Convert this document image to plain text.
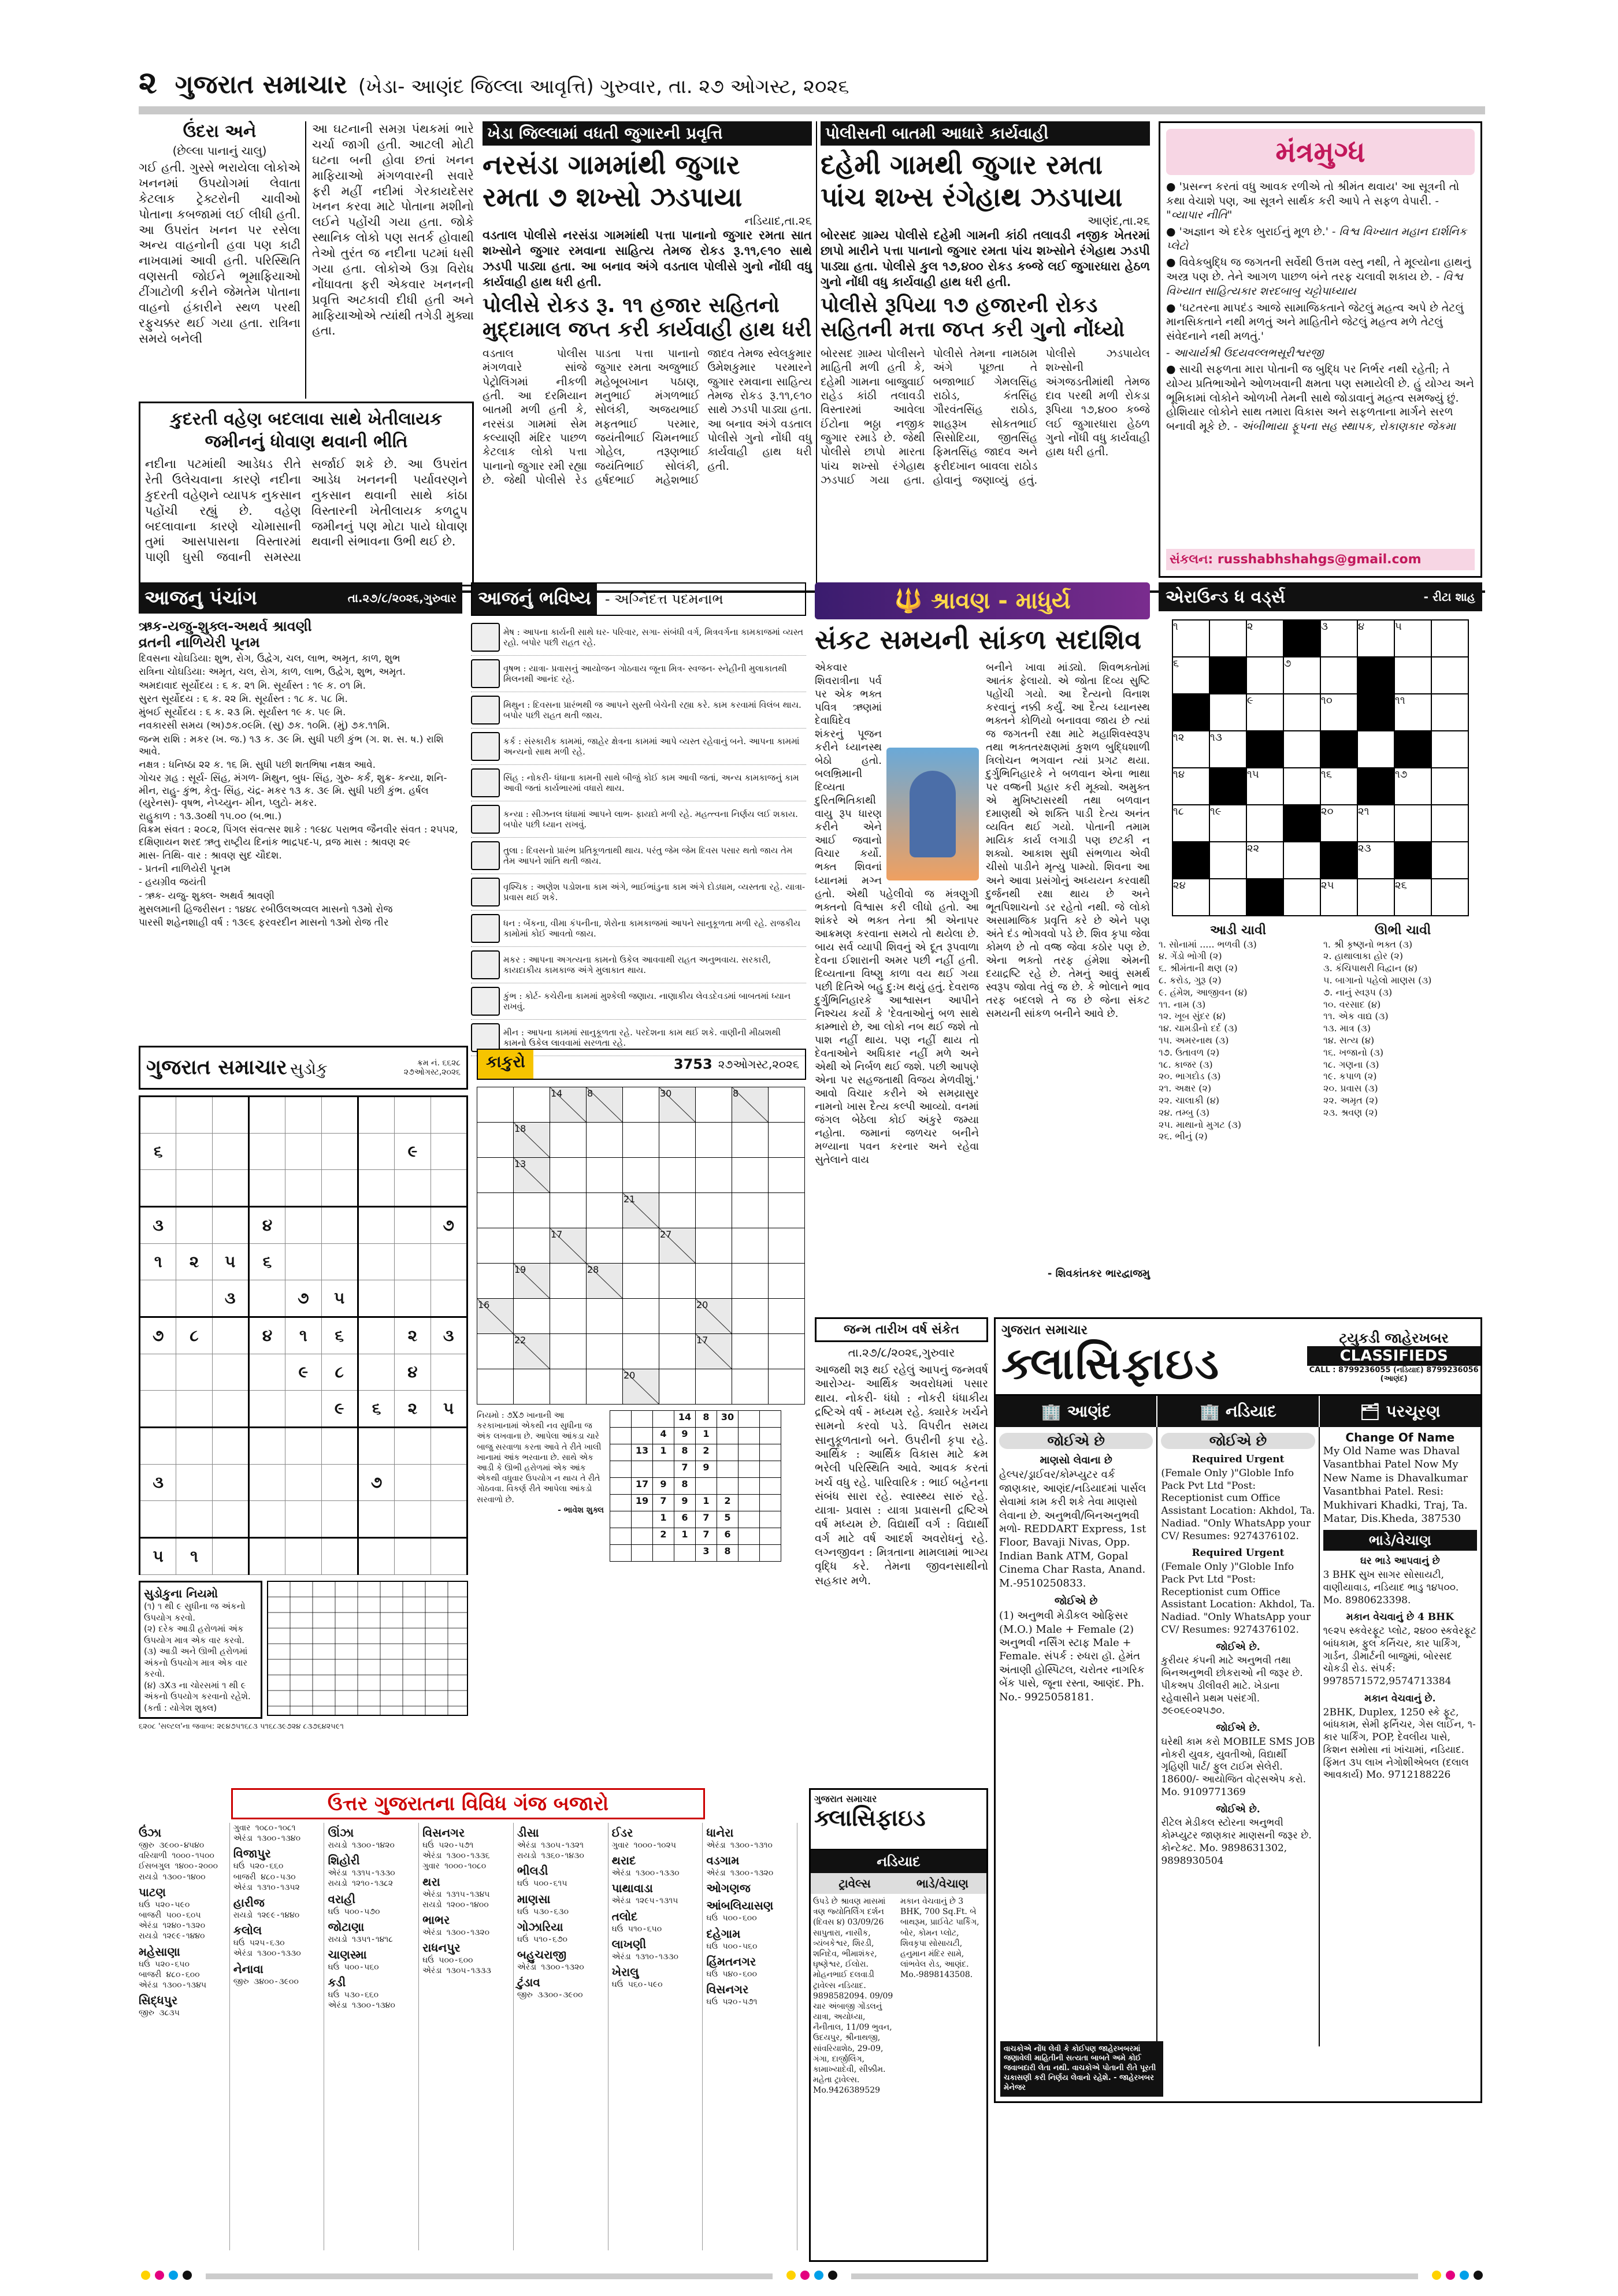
૨ ગુજરાત સમાચાર (ખેડા- આણંદ જિલ્લા આવૃત્તિ) ગુરુવાર, તા. ૨૭ ઓગસ્ટ, ૨૦૨૬
ઉંદરા અને
(છેલ્લા પાનાનું ચાલુ)
ગઈ હતી. ગુસ્સે ભરાયેલા લોકોએ ખનનમાં ઉપયોગમાં લેવાતા કેટલાક ટ્રેક્ટરોની ચાવીઓ પોતાના કબજામાં લઈ લીધી હતી. આ ઉપરાંત ખનન પર રસેલા અન્ય વાહનોની હવા પણ કાઢી નાખવામાં આવી હતી. પરિસ્થિતિ વણસતી જોઈને ભૂમાફિયાઓ ટીંગાટોળી કરીને જેમતેમ પોતાના વાહનો હંકારીને સ્થળ પરથી રફુચક્કર થઈ ગયા હતા. રાત્રિના સમયે બનેલી
આ ઘટનાની સમગ્ર પંથકમાં ભારે ચર્ચા જાગી હતી. આટલી મોટી ઘટના બની હોવા છતાં ખનન માફિયાઓ મંગળવારની સવારે ફરી મહીં નદીમાં ગેરકાયદેસર ખનન કરવા માટે પોતાના મશીનો લઈને પહોંચી ગયા હતા. જોકે સ્થાનિક લોકો પણ સતર્ક હોવાથી તેઓ તુરંત જ નદીના પટમાં ધસી ગયા હતા. લોકોએ ઉગ્ર વિરોધ નોંધાવતા ફરી એકવાર ખનનની પ્રવૃત્તિ અટકાવી દીધી હતી અને માફિયાઓએ ત્યાંથી તગેડી મુક્યા હતા.
કુદરતી વહેણ બદલાવા સાથે ખેતીલાયક જમીનનું ધોવાણ થવાની ભીતિ
નદીના પટમાંથી આડેધડ રીતે રેતી ઉલેચવાના કારણે નદીના કુદરતી વહેણને વ્યાપક નુકસાન પહોંચી રહ્યું છે. વહેણ બદલાવાના કારણે ચોમાસાની તુમાં આસપાસના વિસ્તારમાં પાણી ઘુસી જવાની સમસ્યા સર્જાઈ શકે છે. આ ઉપરાંત આડેધ ખનનની પર્યાવરણને નુકસાન થવાની સાથે કાંઠા વિસ્તારની ખેતીલાયક કળદ્રુપ જમીનનું પણ મોટા પાયે ધોવાણ થવાની સંભાવના ઉભી થઈ છે.
ખેડા જિલ્લામાં વધતી જુગારની પ્રવૃત્તિ
નરસંડા ગામમાંથી જુગાર
રમતા ૭ શખ્સો ઝડપાયા
નડિયાદ,તા.૨૬
વડતાલ પોલીસે નરસંડા ગામમાંથી પત્તા પાનાનો જુગાર રમતા સાત શખ્સોને જુગાર રમવાના સાહિત્ય તેમજ રોકડ રૂ.૧૧,૯૧૦ સાથે ઝડપી પાડ્યા હતા. આ બનાવ અંગે વડતાલ પોલીસે ગુનો નોંધી વધુ કાર્યવાહી હાથ ધરી હતી.
પોલીસે રોકડ રૂ. ૧૧ હજાર સહિતનો
મુદ્દામાલ જપ્ત કરી કાર્યવાહી હાથ ધરી
વડતાલ પોલીસ મંગળવારે સાંજે પેટ્રોલિંગમાં નીકળી હતી. આ દરમિયાન બાતમી મળી હતી કે, નરસંડા ગામમાં સેમ કલ્યાણી મંદિર પાછળ કેટલાક લોકો પત્તા પાનાનો જુગાર રમી રહ્યા છે. જેથી પોલીસે રેડ પાડતા પત્તા પાનાનો જુગાર રમતા અજુભાઈ મહેબૂબખાન પઠાણ, મનુભાઈ મંગળભાઈ સોલંકી, અજયભાઈ મફતભાઈ પરમાર, જયંતીભાઈ ચિમનભાઈ ગોહેલ, તરૂણભાઈ જયંતિભાઈ સોલંકી, હર્ષદભાઈ મહેશભાઈ જાદવ તેમજ સ્વેલકુમાર ઉમેશકુમાર પરમારને જુગાર રમવાના સાહિત્ય તેમજ રોકડ રૂ.૧૧,૯૧૦ સાથે ઝડપી પાડ્યા હતા. આ બનાવ અંગે વડતાલ પોલીસે ગુનો નોંધી વધુ કાર્યવાહી હાથ ધરી હતી.
પોલીસની બાતમી આધારે કાર્યવાહી
દહેમી ગામથી જુગાર રમતા
પાંચ શખ્સ રંગેહાથ ઝડપાયા
આણંદ,તા.૨૬
બોરસદ ગ્રામ્ય પોલીસે દહેમી ગામની કાંઠી તલાવડી નજીક ખેતરમાં છાપો મારીને પત્તા પાનાનો જુગાર રમતા પાંચ શખ્સોને રંગેહાથ ઝડપી પાડ્યા હતા. પોલીસે કુલ ૧૭,૪૦૦ રોકડ કબ્જે લઈ જુગારધારા હેઠળ ગુનો નોંધી વધુ કાર્યવાહી હાથ ધરી હતી.
પોલીસે રૂપિયા ૧૭ હજારની રોકડ
સહિતની મત્તા જપ્ત કરી ગુનો નોંધ્યો
બોરસદ ગ્રામ્ય પોલીસને માહિતી મળી હતી કે, દહેમી ગામના બાજુવાઈ રાહેડ કાંઠી તલાવડી વિસ્તારમાં આવેલા ઈંટોના ભઠ્ઠા નજીક જુગાર રમાડે છે. જેથી પોલીસે છાપો મારતા પાંચ શખ્સો રંગેહાથ ઝડપાઈ ગયા હતા. પોલીસે તેમના નામઠામ અંગે પૂછતા તે બજાભાઈ ગેમલસિંહ રાઠોડ, કંતસિંહ ગૌરવંતસિંહ રાઠોડ, શાહરૂખ સોકતભાઈ સિસોદિયા, જીતસિંહ ફિમતસિંહ જાદવ અને ફરીદખાન બાવલા રાઠોડ હોવાનું જણાવ્યું હતું. પોલીસે ઝડપાયેલ શખ્સોની અંગજડતીમાંથી તેમજ દાવ પરથી મળી રોકડા રૂપિયા ૧૭,૪૦૦ કબ્જે લઈ જુગારધારા હેઠળ ગુનો નોંધી વધુ કાર્યવાહી હાથ ધરી હતી.
મંત્રમુગ્ધ

● 'પ્રસન્ન કરતાં વધુ આવક રળીએ તો શ્રીમંત થવાય' આ સૂત્રની તો કથા વેચાશે પણ, આ સૂત્રને સાર્થક કરી આપે તે સફળ વેપારી. - "વ્યાપાર નીતિ"

● 'અજ્ઞાન એ દરેક બુરાઈનું મૂળ છે.' - વિશ્વ વિખ્યાત મહાન દાર્શનિક પ્લેટો

● વિવેકબુદ્ધિ જ જગતની સર્વેથી ઉત્તમ વસ્તુ નથી, તે મૂલ્યોના હાથનું અસ્ત્ર પણ છે. તેને આગળ પાછળ બંને તરફ ચલાવી શકાય છે. - વિશ્વ વિખ્યાત સાહિત્યકાર શરદબાબુ ચટ્ટોપાધ્યાય

● 'ઘટતરના માપદંડ આજે સામાજિકતાને જેટલું મહત્વ અપે છે તેટલું માનસિકતાને નથી મળતું અને માહિતીને જેટલું મહત્વ મળે તેટલું સંવેદનાને નથી મળતું.'

- આચાર્યશ્રી ઉદયવલ્લભસૂરીશ્વરજી

● સાચી સફળતા મારા પોતાની જ બુદ્ધિ પર નિર્ભર નથી રહેતી; તે યોગ્ય પ્રતિભાઓને ઓળખવાની ક્ષમતા પણ સમાયેલી છે. હું યોગ્ય અને ભૂમિકામાં લોકોને ઓળખી તેમની સાથે જોડાવાનું મહત્વ સમજ્યું છું. હોશિયાર લોકોને સાથ તમારા વિકાસ અને સફળતાના માર્ગને સરળ બનાવી મૂકે છે. - અંબીભાયા ફૂપના સહ સ્થાપક, રોકાણકાર જેકમા

સંકલન: russhabhshahgs@gmail.com
આજનુ પંચાંગ	તા.૨૭/૮/૨૦૨૬,ગુરુવાર
ઋક-યજુ-શુક્લ-અથર્વ શ્રાવણી
વ્રતની નાળિયેરી પૂનમ
દિવસના ચોઘડિયા: શુભ, રોગ, ઉદ્વેગ, ચલ, લાભ, અમૃત, કાળ, શુભ
રાત્રિના ચોઘડિયા: અમૃત, ચલ, રોગ, કાળ, લાભ, ઉદ્વેગ, શુભ, અમૃત.
અમદાવાદ સૂર્યોદય : ૬ ક. ૨૧ મિ. સૂર્યાસ્ત : ૧૯ ક. ૦૧ મિ.
સુરત સૂર્યોદય : ૬ ક. ૨૨ મિ. સૂર્યાસ્ત : ૧૮ ક. ૫૮ મિ.
મુંબઈ સૂર્યોદય : ૬ ક. ૨૩ મિ. સૂર્યાસ્ત ૧૯ ક. ૫૯ મિ.
નવકારસી સમય (અ)૭ક.૦૯મિ. (સુ) ૭ક. ૧૦મિ. (મું) ૭ક.૧૧મિ.
જન્મ રાશિ : મકર (ખ. જ.) ૧૩ ક. ૩૯ મિ. સુધી પછી કુંભ (ગ. શ. સ. ષ.) રાશિ આવે.
નક્ષત્ર : ધનિષ્ઠા ૨૨ ક. ૧૬ મિ. સુધી પછી શતભિષા નક્ષત્ર આવે.
ગોચર ગ્રહ : સૂર્ય- સિંહ, મંગળ- મિથુન, બુધ- સિંહ, ગુરુ- કર્ક, શુક્ર- કન્યા, શનિ- મીન, રાહુ- કુંભ, કેતુ- સિંહ, ચંદ્ર- મકર ૧૩ ક. ૩૯ મિ. સુધી પછી કુંભ. હર્ષલ (યુરેનસ)- વૃષભ, નેપ્ચ્યુન- મીન, પ્લુટો- મકર.
રાહુકાળ : ૧૩.૩૦થી ૧૫.૦૦ (બ.ભા.)
વિક્રમ સંવત : ૨૦૮૨, પિંગલ સંવત્સર શાકે : ૧૯૪૮ પરાભવ જૈનવીર સંવત : ૨૫૫૨, દક્ષિણાયન શરદ ઋતુ રાષ્ટ્રીય દિનાંક ભાદ્રપદ-૫, વ્રજ માસ : શ્રાવણ ૨૯
માસ- તિથિ- વાર : શ્રાવણ સુદ ચૌદશ.
- પ્રતની નાળિયેરી પૂનમ
- હયગ્રીવ જયંતી
- ઋક- યજુ- શુક્લ- અથર્વ શ્રાવણી
મુસલમાની હિજરીસન : ૧૪૪૮ રબીઉલઅવ્વલ માસનો ૧૩મો રોજ
પારસી શહેનશાહી વર્ષ : ૧૩૯૬ ફરવરદીન માસનો ૧૩મો રોજ તીર
આજનું ભવિષ્ય	- અગ્નિદત્ત પદમનાભ
મેષ : આપના કાર્યની સાથે ઘર- પરિવાર, સગા- સંબંધી વર્ગ, મિત્રવર્ગના કામકાજમાં વ્યસ્ત રહો. બપોર પછી રાહત રહે.
વૃષભ : યાત્રા- પ્રવાસનું આયોજન ગોઠવાય જૂના મિત્ર- સ્વજન- સ્નેહીની મુલાકાતથી મિલનથી આનંદ રહે.
મિથુન : દિવસના પ્રારંભથી જ આપને સુસ્તી બેચેની રહ્યા કરે. કામ કરવામાં વિલંબ થાય. બપોર પછી રાહત થતી જાય.
કર્ક : સંસ્કારીક કામમાં, જાહેર ક્ષેત્રના કામમાં આપે વ્યસ્ત રહેવાનું બને. આપના કામમાં અન્યનો સાથ મળી રહે.
સિંહ : નોકરી- ધંધાના કામની સાથે બીજું કોઈ કામ આવી જતાં, અન્ય કામકાજનું કામ આવી જતાં કાર્યભારમાં વધારો થાય.
કન્યા : સીઝનલ ધંધામાં આપને લાભ- ફાયદો મળી રહે. મહત્ત્વના નિર્ણય લઈ શકાય. બપોર પછી ધ્યાન રાખવું.
તુલા : દિવસનો પ્રારંભ પ્રતિકૂળતાથી થાય. પરંતુ જેમ જેમ દિવસ પસાર થતો જાય તેમ તેમ આપને શાંતિ થતી જાય.
વૃશ્ચિક : અણેશ પડોશના કામ અંગે, ભાઈભાંડુના કામ અંગે દોડધામ, વ્યસ્તતા રહે. યાત્રા- પ્રવાસ થઈ શકે.
ધન : બેંકના, વીમા કંપનીના, શેરોના કામકાજમાં આપને સાનુકૂળતા મળી રહે. રાજકીય કામોમાં કોઈ આવતો જાય.
મકર : આપના અગત્યના કામનો ઉકેલ આવવાથી રાહત અનુભવાય. સરકારી, કાયદાકીય કામકાજ અંગે મુલાકાત થાય.
કુંભ : કોર્ટ- કચેરીના કામમાં મુશ્કેલી જણાય. નાણાકીય લેવડદેવડમાં બાબતમાં ધ્યાન રાખવું.
મીન : આપના કામમાં સાનુકૂળતા રહે. પરદેશના કામ થઈ શકે. વાણીની મીઠાશથી કામનો ઉકેલ લાવવામાં સરળતા રહે.
🔱 શ્રાવણ - માધુર્ય
સંકટ સમયની સાંકળ સદાશિવ
એકવાર શિવરાત્રીના પર્વ પર એક ભક્ત પવિત્ર ઋણમાં દેવાધિદેવ શંકરનું પૂજન કરીને ધ્યાનસ્થ બેઠો હતો. બલભ્રિમાની દિવ્યતા દુરિતભિતિકાથી વાયુ રૂપ ધારણ કરીને એને આઈ જવાનો વિચાર કર્યો. ભક્ત શિવનાં ધ્યાનમાં મગ્ન હતો. એથી પહેલીવો જ મંત્રણુગી ભક્તનો વિશ્વાસ કરી લીધો હતો. આ શાંકરે એ ભક્ત તેના શ્રી એનાપર આક્રમણ કરવાના સમયે તો થયેલા છે. બાય સર્વ વ્યાપી શિવનું એ દૂત રૂપવાળા દેવના ઈશારાની અમર પછી નહીં હતી. દિવ્યતાના વિષ્ણુ કાળા વય થઈ ગયા પછી દિતિએ બહુ દુ:ખ થયું હતું. દેવરાજ દુર્ગુભિનિહારકે આશ્વાસન આપીને નિશ્ચય કર્યો કે 'દેવતાઓનું બળ સાથે કામ્ભારો છે, આ લોકો નબ થઈ જશે તો પાશ નહીં થાય. પણ નહીં થાય તો દેવતાઓને અધિકાર નહીં મળે અને એથી એ નિર્બળ થઈ જશે. પછી આપણે એના પર સહજતાથી વિજય મેળવીશું.' આવો વિચાર કરીને એ સમય્રાસુર નામનો ખાસ દૈત્ય કલ્પી આવ્યો. વનમાં જંગલ બેઠેલા કોઈ અંકુરે જમ્યા નહોતા. જમાનાં જળચર બનીને મળ્યાના પવન કરનાર અને રહેવા સુતેલાને વાય
બનીને ખાવા માંડ્યો. શિવભક્તોમાં આતંક ફેલાયો. એ જોતા દિવ્ય સુષ્ટિ પહોંચી ગયો. આ દૈત્યનો વિનાશ કરવાનું નક્કી કર્યું. આ દૈત્ય ધ્યાનસ્થ ભક્તને કોળિયો બનાવવા જાય છે ત્યાં જ જગતની રક્ષા માટે મહાશિવસ્વરૂપ તથા ભક્તતરક્ષણમાં કુશળ બુદ્ધિશાળી ત્રિલોચન ભગવાન ત્યાં પ્રગટ થયા. દુર્ગુભિનિહારકે ને બળવાન એના ભાથા પર વજ્રની પ્રહાર કરી મૂક્યો. અમુક્ત એ મુખિષ્ટાસરથી તથા બળવાન દમાણથી એ શક્તિ પાડી દેત્ય અનંત વ્યવિત થઈ ગયો. પોતાની તમામ માયિક કાર્ય લગાડી પણ છટકી ન શક્યો. આકાશ સુધી સંભળાય એવી ચીસો પાડીને મૃત્યુ પામ્યો. શિવના આ અને આવા પ્રસંગોનું અધ્યયન કરવાથી દુર્જનથી રક્ષા થાય છે અને ભૂતપિશાચનો ડર રહેતો નથી. જે લોકો અસામાજિક પ્રવૃત્તિ કરે છે એને પણ અંતે દંડ ભોગવવો પડે છે. શિવ કૃપા જેવા કોમળ છે તો વજ્ર જેવા કઠોર પણ છે. એના ભક્તો તરફ હંમેશા એમની દયાદ્રષ્ટિ રહે છે. તેમનું આવું સમર્થ સ્વરૂપ જોવા તેવું જ છે. કે ભોલાને ભાવ તરફ બદલશે તે જ છે જેના સંકટ સમયની સાંકળ બનીને આવે છે.
- શિવકાંતકર ભારદ્વાજમુ
એરાઉન્ડ ધ વર્ડ્સ	- રીટા શાહ
૧		૨		૩	૪	૫	
૬			૭				
		૯		૧૦		૧૧	
૧૨	૧૩						
૧૪		૧૫		૧૬		૧૭	
૧૮	૧૯			૨૦	૨૧		
		૨૨			૨૩		
૨૪				૨૫		૨૬	
આડી ચાવી
૧. સોનામાં ..... ભળવી (૩)
૪. ગેંડો ભોગી (૨)
૬. શ્રીમંતાની ક્ષણ (૨)
૮. કરોડ, ગુરૂ (૨)
૯. હંમેશ, આજીવન (૪)
૧૧. નામ (૩)
૧૨. ખૂબ સુંદર (૪)
૧૪. ચામડીનો દર્દ (૩)
૧૫. અમરનાથ (૩)
૧૭. ઉતાવળ (૨)
૧૮. કાજર (૩)
૨૦. ભાગદોડ (૩)
૨૧. અક્ષર (૨)
૨૨. ચાલાકી (૪)
૨૪. તમ્બુ (૩)
૨૫. માથાનો મુગટ (૩)
૨૬. ભીનું (૨)
ઊભી ચાવી
૧. શ્રી કૃષ્ણનો ભક્ત (૩)
૨. હાથાલાકા હોર (૨)
૩. કંચિપાથરી વિદ્વાન (૪)
૫. બાગાનો પહેલો માણસ (૩)
૭. નાનું સ્વરૂપ (૩)
૧૦. વરસાદ (૪)
૧૧. એક વાદ્ય (૩)
૧૩. માત્ર (૩)
૧૪. સત્ય (૪)
૧૬. ખજાનો (૩)
૧૮. ગણના (૩)
૧૯. કપાળ (૨)
૨૦. પ્રવાસ (૩)
૨૨. અમૃત (૨)
૨૩. શ્રવણ (૨)
ગુજરાત સમાચાર સુડોકુ	ક્રમ નં. ૬૬૨૮
૨૭ઓગસ્ટ,૨૦૨૬

૬							૯	

૩			૪					૭
૧	૨	૫	૬					
		૩		૭	૫			
૭	૮		૪	૧	૬		૨	૩
				૯	૮		૪	
					૯	૬	૨	૫

૩						૭		

૫	૧							
સુડોકુના નિયમો
(૧) ૧ થી ૯ સુધીના જ અંકનો ઉપયોગ કરવો.
(૨) દરેક આડી હરોળમાં અંક ઉપયોગ માત્ર એક વાર કરવો.
(૩) આડી અને ઊભી હરોળમાં અંકનો ઉપયોગ માત્ર એક વાર કરવો.
(૪) ૩X૩ ના ચોરસમાં ૧ થી ૯ અંકનો ઉપયોગ કરવાનો રહેશે.
(કર્તા : યોગેશ શુક્લ)
૬૨૦૮ 'સલ્ટલ'ના જવાબ: ૨૯૪૭૫૧૬૮૩ ૫૧૬૮૩૯૭૨૪ ૮૩૭૬૪૨૫૯૧
કાકુરો	3753 ૨૭ઓગસ્ટ,૨૦૨૬
		14	8		30		8	
	18							
	13							
				21				
		17			27			
	19		28					
16						20		
	22					17		
				20				
નિયમો : ૭X૭ ખાનાની આ કરકાખાનામાં એકથી નવ સુધીના જ અંક લખવાના છે. આપેલા આંકડા ચારે બાજુ સરવાળા કરતા આવે તે રીતે ખાલી ખાનામાં આંક ભરવાના છે. સાથે એક આડી કે ઊભી હરોળમાં એક આંક એકથી વધુવાર ઉપયોગ ન થાય તે રીતે ગોઠવવા. વિકર્ણ રીતે આપેલા આંકડો સરવાળો છે.
- ભાવેશ શુક્લ
			14	8	30		
		4	9	1			
	13	1	8	2			
			7	9			
	17	9	8				
	19	7	9	1	2		
		1	6	7	5		
		2	1	7	6		
				3	8		
જન્મ તારીખ વર્ષ સંકેત
તા.૨૭/૮/૨૦૨૬,ગુરુવાર
આજથી શરૂ થઈ રહેલું આપનું જન્મવર્ષ આરોગ્ય- આર્થિક અવરોધમાં પસાર થાય. નોકરી- ધંધો : નોકરી ધંધાકીય દ્રષ્ટિએ વર્ષ - મધ્યમ રહે. ક્યારેક ખર્ચને સામનો કરવો પડે. વિપરીત સમય સાનુકૂળતાનો બને. ઉપરીની કૃપા રહે. આર્થિક : આર્થિક વિકાસ માટે ક્રમ ભરેલી પરિસ્થિતિ આવે. આવક કરતાં ખર્ચ વધુ રહે. પારિવારિક : ભાઈ બહેનના સંબંધ સારા રહે. સ્વાસ્થ્ય સારું રહે. યાત્રા- પ્રવાસ : યાત્રા પ્રવાસની દ્રષ્ટિએ વર્ષ મધ્યમ છે. વિદ્યાર્થી વર્ગ : વિદ્યાર્થી વર્ગ માટે વર્ષ આદર્શ અવરોધનું રહે. લગ્નજીવન : મિત્રતાના મામલામાં ભાગ્ય વૃદ્ધિ કરે. તેમના જીવનસાથીનો સહકાર મળે.
ગુજરાત સમાચાર
ક્લાસિફાઇડ	ટ્યુકડી જાહેરખબર
CLASSIFIEDS
CALL : 8799236055 (નડિયાદ) 8799236056 (આણંદ)
🏢 આણંદ	🏢 નડિયાદ	🗂 પરચૂરણ
જોઈએ છે
માણસો લેવાના છે
હેલ્પર/ડ્રાઈવર/કોમ્પ્યુટર વર્ક જાણકાર, આણંદ/નડિયાદમાં પાર્સલ સેવામાં કામ કરી શકે તેવા માણસો લેવાના છે. અનુભવી/બિનઅનુભવી મળો- REDDART Express, 1st Floor, Bavaji Nivas, Opp. Indian Bank ATM, Gopal Cinema Char Rasta, Anand. M.-9510250833.
જોઈએ છે
(1) અનુભવી મેડીકલ ઓફિસર (M.O.) Male + Female (2) અનુભવી નર્સિંગ સ્ટાફ Male + Female. સંપર્ક : રુધરા હૉ. હેમંત અંતાણી હોસ્પિટલ, ચરોતર નાગરિક બેંક પાસે, જૂના રસ્તા, આણંદ. Ph. No.- 9925058181.
જોઈએ છે
Required Urgent
(Female Only )"Globle Info Pack Pvt Ltd "Post: Receptionist cum Office Assistant Location: Akhdol, Ta. Nadiad. "Only WhatsApp your CV/ Resumes: 9274376102.
Required Urgent
(Female Only )"Globle Info Pack Pvt Ltd "Post: Receptionist cum Office Assistant Location: Akhdol, Ta. Nadiad. "Only WhatsApp your CV/ Resumes: 9274376102.
જોઈએ છે.
કુરીયર કંપની માટે અનુભવી તથા બિનઅનુભવી છોકરાઓ ની જરૂર છે. પીકઅપ ડીલીવરી માટે. ખેડાના રહેવાસીને પ્રથમ પસંદગી. ૭૯૦૬૯૦૨૫૭૦.
જોઈએ છે.
ઘરેથી કામ કરો MOBILE SMS JOB નોકરી યુવક, યુવતીઓ, વિદ્યાર્થી ગૃહિણી પાર્ટ/ ફુલ ટાઈમ સેલેરી. 18600/- આયોજિત વોટ્સએપ કરો. Mo. 9109771369
જોઈએ છે.
રીટેલ મેડીકલ સ્ટોરના અનુભવી કોમ્પ્યુટર જાણકાર માણસની જરૂર છે. કોન્ટેક્ટ. Mo. 9898631302, 9898930504
Change Of Name
My Old Name was Dhaval Vasantbhai Patel Now My New Name is Dhavalkumar Vasantbhai Patel. Resi: Mukhivari Khadki, Traj, Ta. Matar, Dis.Kheda, 387530
ભાડે/વેચાણ
ઘર ભાડે આપવાનું છે
3 BHK સુખ સાગર સોસાયટી, વાણીયાવાડ, નડિયાદ ભાડુ ૧૪૫૦૦. Mo. 8980623398.
મકાન વેચવાનું છે 4 BHK
૧૯૨૫ સ્કવેરફૂટ પ્લોટ, ૨૪૦૦ સ્કવેરફૂટ બાંધકામ, ફુલ કર્નિચર, કાર પાર્કિંગ, ગાર્ડન, ડીમાર્ટની બાજુમાં, બોરસદ ચોકડી રોડ. સંપર્ક: 9978571572,9574713384
મકાન વેચવાનું છે.
2BHK, Duplex, 1250 સ્કે ફૂટ, બાંધકામ, સેમી ફર્નિચર, ગેસ લાઈન, ૧-કાર પાર્કિંગ, POP, દેવલીય પાસે, કિશન સમોસા નાં ખાંચામાં, નડિયાદ. ફિંમત ૩૫ લાખ નેગોશીએબલ (દલાલ આવકાર્ય) Mo. 9712188226
વાચકોએ નોંધ લેવી કે કોઈપણ જાહેરખબરમાં જણાવેલી માહિતીની સત્યતા બાબતે અમે કોઈ જવાબદારી લેતા નથી. વાચકોએ પોતાની રીતે પૂરતી ચકાસણી કરી નિર્ણય લેવાનો રહેશે. - જાહેરખબર મેનેજર
ઉત્તર ગુજરાતના વિવિધ ગંજ બજારો
ઉંઝા
જીરુ ૩૯૦૦-૪૫૪૦
વરિયાળી ૧૦૦૦-૧૫૦૦
ઈસબગુલ ૧૪૦૦-૨૦૦૦
રાયડો ૧૩૦૦-૧૪૦૦
પાટણ
ઘઉં ૫૨૦-૫૯૦
બાજરી ૫૦૦-૬૦૫
એરંડા ૧૨૪૦-૧૩૨૦
રાયડો ૧૨૯૯-૧૪૪૦
મહેસાણા
ઘઉં ૫૨૦-૬૫૦
બાજરી ૪૮૦-૬૦૦
એરંડા ૧૩૦૦-૧૩૪૫
સિદ્ધપુર
જીરુ ૩૮૩૫
ગુવાર ૧૦૮૦-૧૦૮૧
એરંડા ૧૩૦૦-૧૩૪૦
વિજાપુર
ઘઉં ૫૨૦-૬૬૦
બાજરી ૪૮૦-૫૩૦
એરંડા ૧૩૧૦-૧૩૫૨
હારીજ
રાયડો ૧૨૯૯-૧૪૪૦
કલોલ
ઘઉં ૫૨૫-૬૩૦
એરંડા ૧૩૦૦-૧૩૩૦
નેનાવા
જીરુ ૩૪૦૦-૩૯૦૦
ઊંઝા
રાયડો ૧૩૦૦-૧૪૨૦
શિહોરી
એરંડા ૧૩૧૫-૧૩૩૦
રાયડો ૧૨૧૦-૧૩૮૨
વરાહી
ઘઉં ૫૦૦-૫૭૦
જોટાણા
રાયડો ૧૩૫૧-૧૪૧૮
ચાણસ્મા
ઘઉં ૫૦૦-૫૬૦
કડી
ઘઉં ૫૩૦-૬૬૦
એરંડા ૧૩૦૦-૧૩૪૦
વિસનગર
ઘઉં ૫૨૦-૫૭૧
એરંડા ૧૩૦૦-૧૩૩૬
ગુવાર ૧૦૦૦-૧૦૮૦
થરા
એરંડા ૧૩૧૫-૧૩૪૫
રાયડો ૧૨૦૦-૧૪૦૦
ભાભર
એરંડા ૧૩૦૦-૧૩૨૦
રાધનપુર
ઘઉં ૫૦૦-૬૦૦
એરંડા ૧૩૦૫-૧૩૩૩
ડીસા
એરંડા ૧૩૦૫-૧૩૨૧
રાયડો ૧૩૬૦-૧૪૩૦
ભીલડી
ઘઉં ૫૦૦-૬૧૫
માણસા
ઘઉં ૫૩૦-૬૩૦
ગોઝારિયા
ઘઉં ૫૧૦-૬૭૦
બહુચરાજી
એરંડા ૧૩૦૦-૧૩૨૦
ટુંડાવ
જીરુ ૩૩૦૦-૩૯૦૦
ઈડર
ગુવાર ૧૦૦૦-૧૦૨૫
થરાદ
એરંડા ૧૩૦૦-૧૩૩૦
પાથાવાડા
એરંડા ૧૨૯૫-૧૩૧૫
તલોદ
ઘઉં ૫૧૦-૬૫૦
લાખણી
એરંડા ૧૩૧૦-૧૩૩૦
ખેરાલુ
ઘઉં ૫૬૦-૫૯૦
ધાનેરા
એરંડા ૧૩૦૦-૧૩૧૦
વડગામ
એરંડા ૧૩૦૦-૧૩૨૦
ઓગણજ
આંબલિયાસણ
ઘઉં ૫૦૦-૬૦૦
દહેગામ
ઘઉં ૫૦૦-૫૬૦
હિંમતનગર
ઘઉં ૫૪૦-૬૦૦
વિસનગર
ઘઉં ૫૨૦-૫૭૧
ગુજરાત સમાચાર
ક્લાસિફાઇડ
નડિયાદ
ટ્રાવેલ્સ	ભાડે/વેચાણ
ઉપડે છે શ્રાવણ માસમાં ત્રણ જ્યોતિર્લિંગ દર્શન (દિવસ ૪) 03/09/26 સાપુતારા, નાસીક, ત્ર્યંબકેશ્વર, શિરડી, શનિદેવ, ભીમાશંકર, ઘૃષ્ણેશ્વર, ઈલોરા. મોહનભાઈ દલવાડી ટ્રાવેલ્સ નડિયાદ. 9898582094. 09/09 ચાર અંબાજી ગોંડલનું યાત્રા, અયોધ્યા, નૈનીતાલ, 11/09 ભુવન, ઉદયપુર, શ્રીનાથજી, સાંવરિયાશેઠ, 29-09, ગંગા, દાર્જીલિંગ, કામાખ્યાદેવી, સીક્કીમ. મહેતા ટ્રાવેલ્સ. Mo.9426389529
મકાન વેચવાનું છે 3 BHK, 700 Sq.Ft. બે બાથરૂમ, પ્રાઈવેટ પાર્કિંગ, બોર, કોમન પ્લોટ, શિવકૃપા સોસાયટી, હનુમાન મંદિર સામે, લાંભવેલ રોડ, આણંદ. Mo.-9898143508.
